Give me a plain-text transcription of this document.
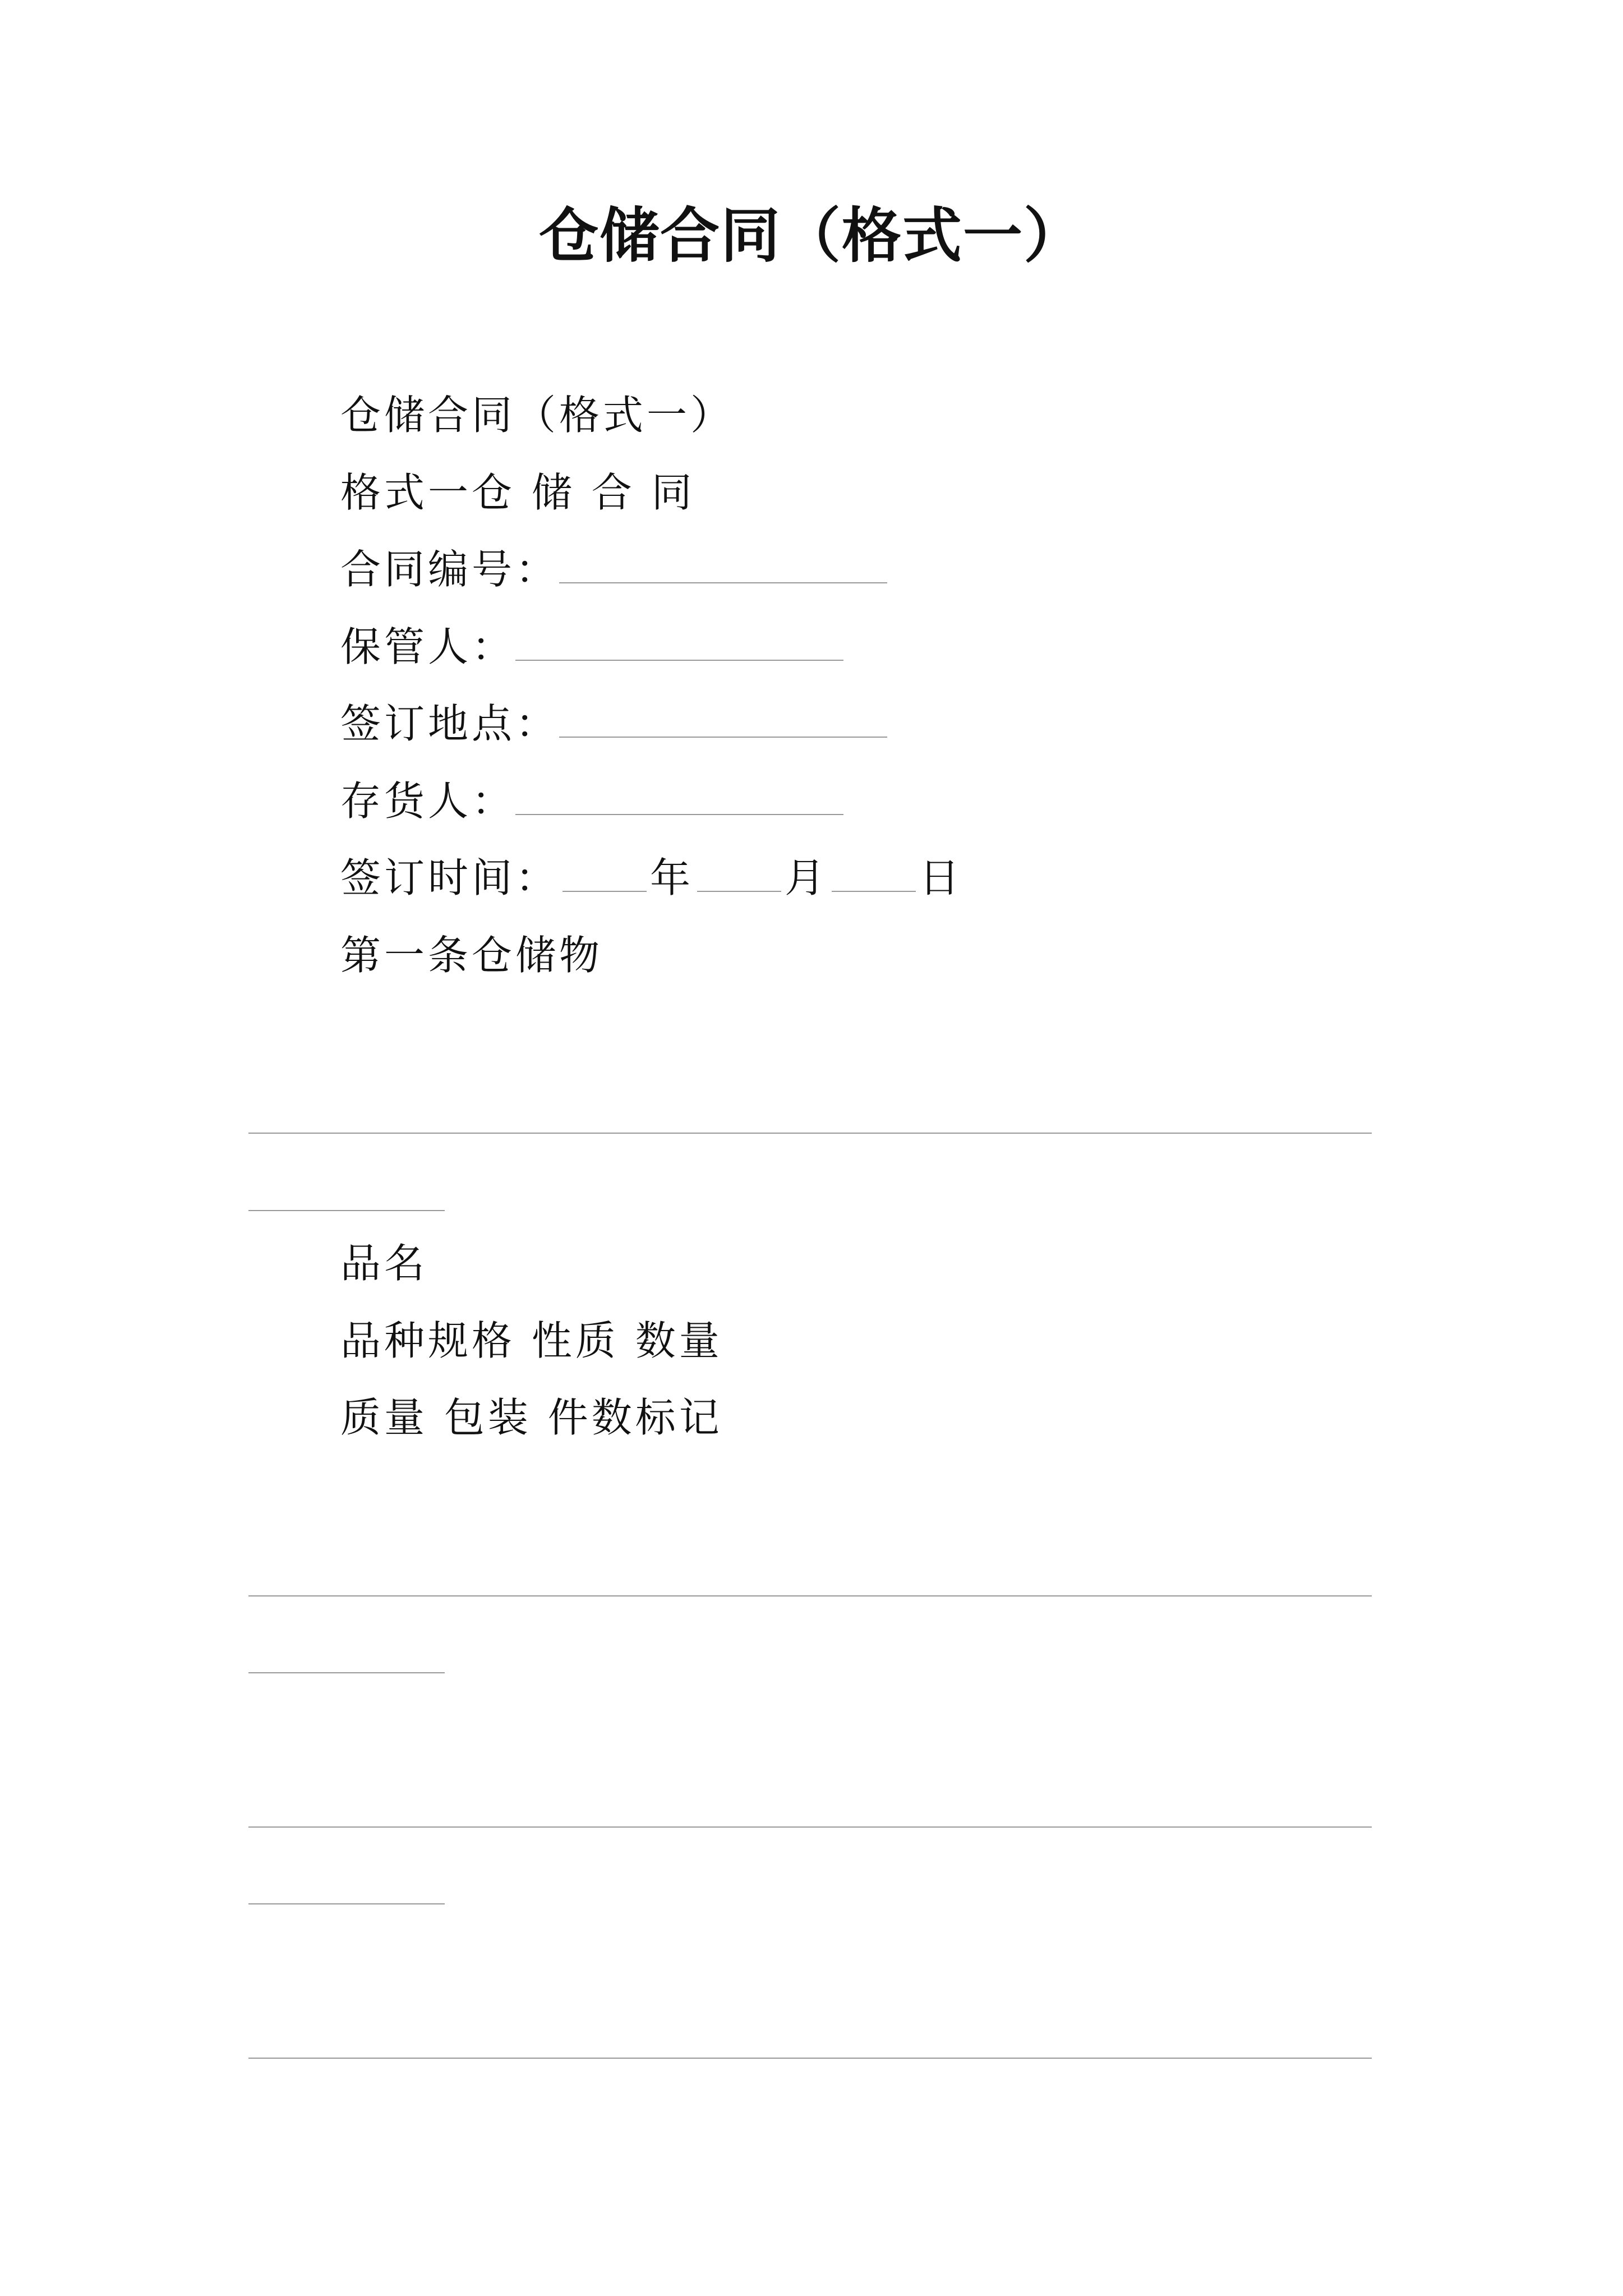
仓储合同（格式一）
仓储合同（格式一）
格式一仓 储 合 同
合同编号：
保管人：
签订地点：
存货人：
签订时间： 年 月 日
第一条仓储物
品名
品种规格 性质 数量
质量 包装 件数标记
